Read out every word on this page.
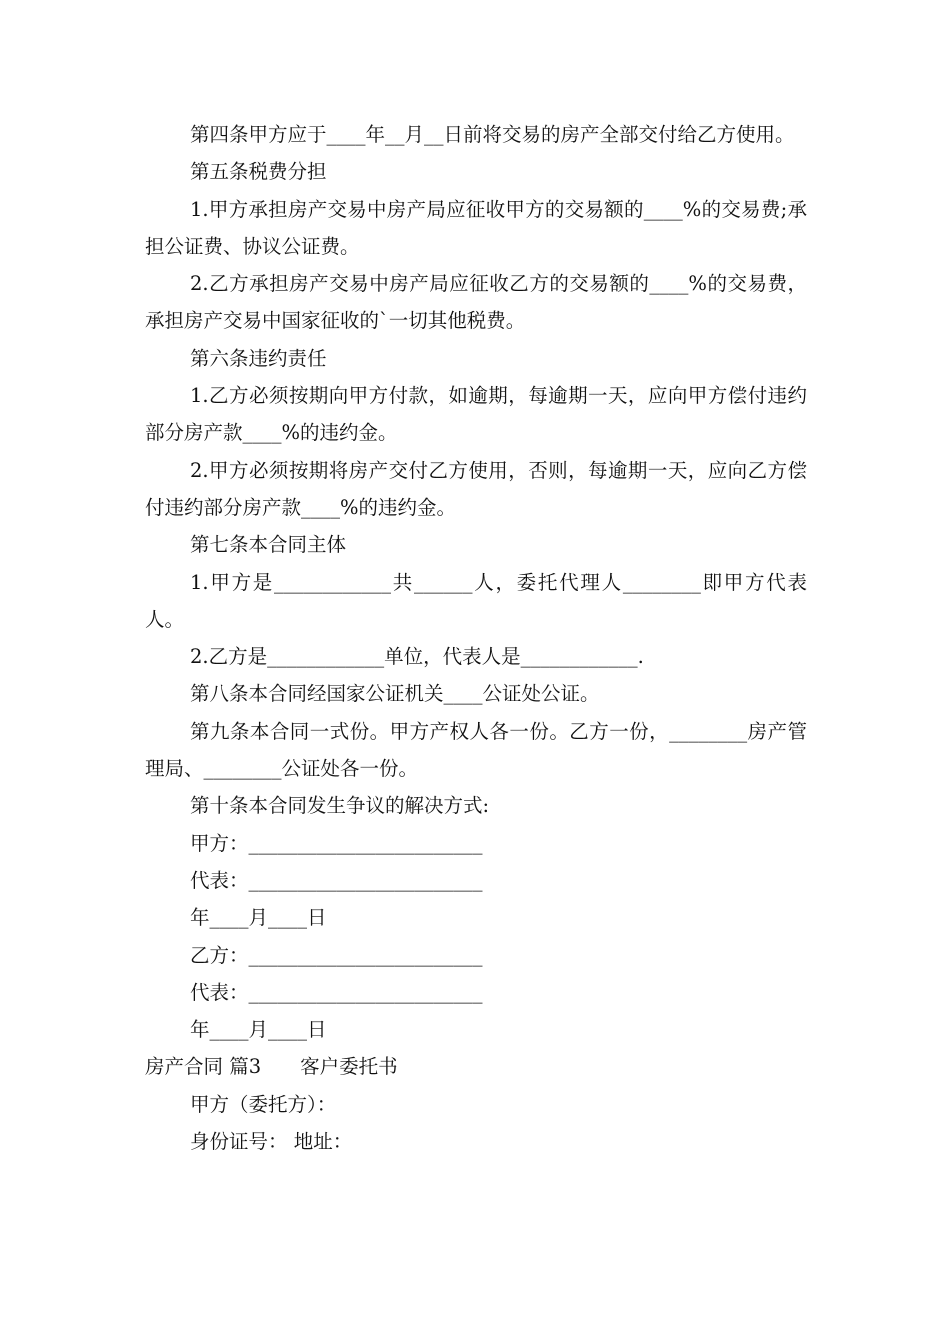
第四条甲方应于____年__月__日前将交易的房产全部交付给乙方使用。

第五条税费分担

1.甲方承担房产交易中房产局应征收甲方的交易额的____%的交易费;承担公证费、协议公证费。

2.乙方承担房产交易中房产局应征收乙方的交易额的____%的交易费，承担房产交易中国家征收的`一切其他税费。

第六条违约责任

1.乙方必须按期向甲方付款，如逾期，每逾期一天，应向甲方偿付违约部分房产款____%的违约金。

2.甲方必须按期将房产交付乙方使用，否则，每逾期一天，应向乙方偿付违约部分房产款____%的违约金。

第七条本合同主体

1.甲方是____________共______人，委托代理人________即甲方代表人。

2.乙方是____________单位，代表人是____________.

第八条本合同经国家公证机关____公证处公证。

第九条本合同一式份。甲方产权人各一份。乙方一份，________房产管理局、________公证处各一份。

第十条本合同发生争议的解决方式:

甲方：________________________

代表：________________________

年____月____日

乙方：________________________

代表：________________________

年____月____日

房产合同 篇3　　客户委托书

甲方（委托方）：

身份证号： 地址：
